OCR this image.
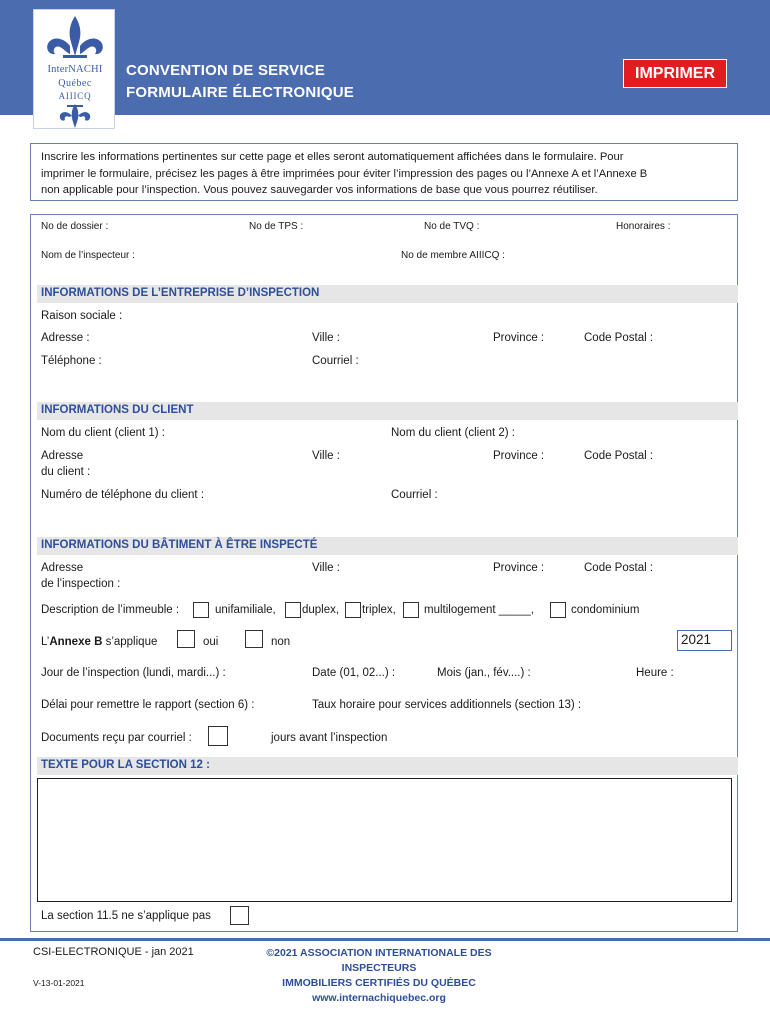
InterNACHI
Québec
AIIICQ
CONVENTION DE SERVICE
FORMULAIRE ÉLECTRONIQUE
IMPRIMER
Inscrire les informations pertinentes sur cette page et elles seront automatiquement affichées dans le formulaire. Pour
imprimer le formulaire, précisez les pages à être imprimées pour éviter l’impression des pages ou l’Annexe A et l’Annexe B
non applicable pour l’inspection. Vous pouvez sauvegarder vos informations de base que vous pourrez réutiliser.
No de dossier :	No de TPS :	No de TVQ :	Honoraires :
Nom de l’inspecteur :	No de membre AIIICQ :
INFORMATIONS DE L’ENTREPRISE D’INSPECTION
Raison sociale :
Adresse :	Ville :	Province :	Code Postal :
Téléphone :	Courriel :
INFORMATIONS DU CLIENT
Nom du client (client 1) :	Nom du client (client 2) :
Adresse
du client :
Ville :	Province :	Code Postal :
Numéro de téléphone du client :	Courriel :
INFORMATIONS DU BÂTIMENT À ÊTRE INSPECTÉ
Adresse
de l’inspection :
Ville :	Province :	Code Postal :
Description de l’immeuble :	unifamiliale, duplex, triplex, multilogement _____,	condominium
L’Annexe B s’applique	oui	non	2021
Jour de l’inspection (lundi, mardi...) :	Date (01, 02...) :	Mois (jan., fév....) :	Heure :
Délai pour remettre le rapport (section 6) :	Taux horaire pour services additionnels (section 13) :
Documents reçu par courriel :	jours avant l’inspection
TEXTE POUR LA SECTION 12 :
La section 11.5 ne s’applique pas
CSI-ELECTRONIQUE - jan 2021
V-13-01-2021
©2021 ASSOCIATION INTERNATIONALE DES INSPECTEURS
IMMOBILIERS CERTIFIÉS DU QUÉBEC
www.internachiquebec.org
